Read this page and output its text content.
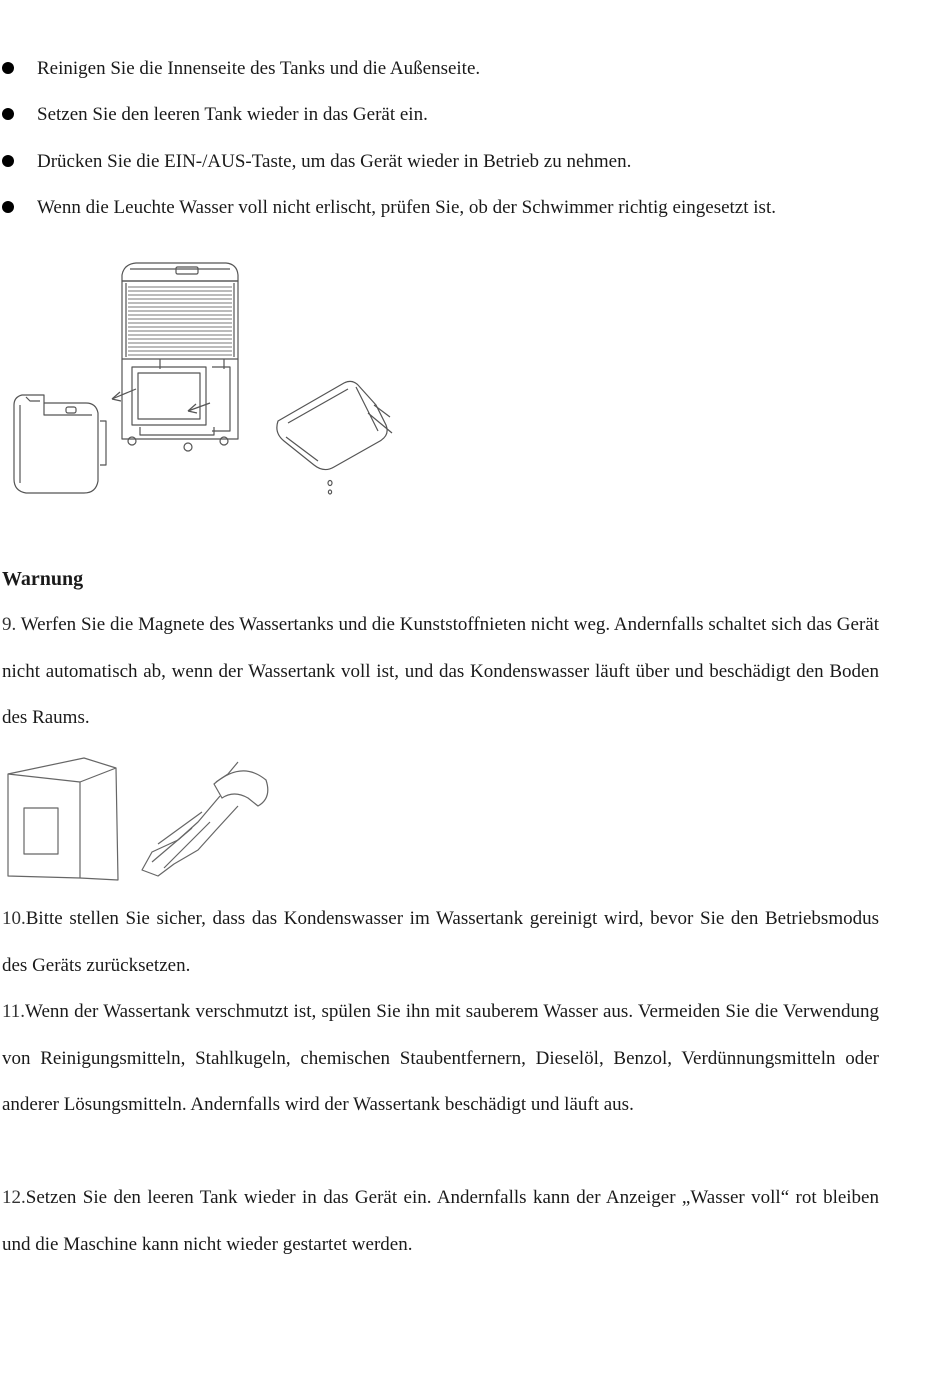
Reinigen Sie die Innenseite des Tanks und die Außenseite.
Setzen Sie den leeren Tank wieder in das Gerät ein.
Drücken Sie die EIN-/AUS-Taste, um das Gerät wieder in Betrieb zu nehmen.
Wenn die Leuchte Wasser voll nicht erlischt, prüfen Sie, ob der Schwimmer richtig eingesetzt ist.
Warnung

9. Werfen Sie die Magnete des Wassertanks und die Kunststoffnieten nicht weg. Andernfalls schaltet sich das Gerät nicht automatisch ab, wenn der Wassertank voll ist, und das Kondenswasser läuft über und beschädigt den Boden des Raums.

10.Bitte stellen Sie sicher, dass das Kondenswasser im Wassertank gereinigt wird, bevor Sie den Betriebsmodus des Geräts zurücksetzen.

11.Wenn der Wassertank verschmutzt ist, spülen Sie ihn mit sauberem Wasser aus. Vermeiden Sie die Verwendung von Reinigungsmitteln, Stahlkugeln, chemischen Staubentfernern, Dieselöl, Benzol, Verdünnungsmitteln oder anderer Lösungsmitteln. Andernfalls wird der Wassertank beschädigt und läuft aus.

12.Setzen Sie den leeren Tank wieder in das Gerät ein. Andernfalls kann der Anzeiger „Wasser voll“ rot bleiben und die Maschine kann nicht wieder gestartet werden.
